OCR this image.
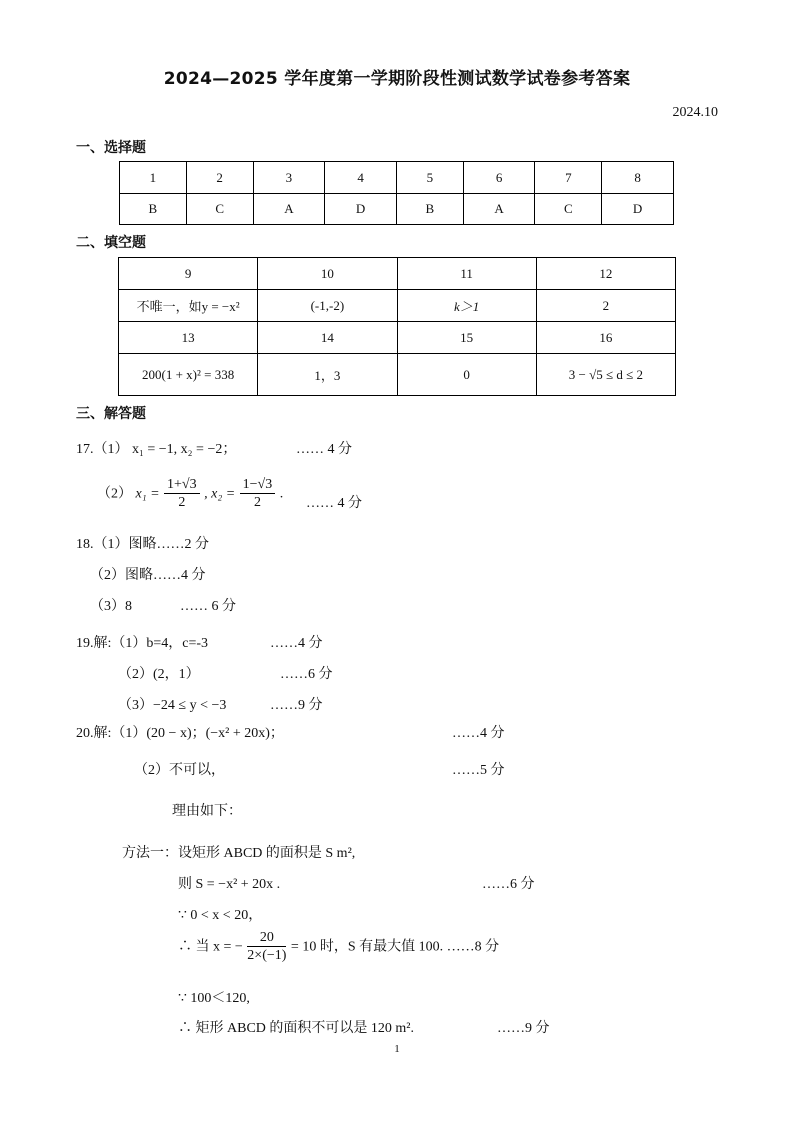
2024—2025 学年度第一学期阶段性测试数学试卷参考答案
2024.10
一、选择题
1	2	3	4	5	6	7	8
B	C	A	D	B	A	C	D
二、填空题
9	10	11	12
不唯一，如y = −x²	(-1,-2)	k＞1	2
13	14	15	16
200(1 + x)² = 338	1，3	0	3 − √5 ≤ d ≤ 2
三、解答题
17.（1） x₁ = −1, x₂ = −2；	…… 4 分
（2） $x_1 = \frac{1+√3}{2}$ , $x_2 = \frac{1-√3}{2}$ .
…… 4 分
18.（1）图略……2 分
（2）图略……4 分
（3）8	…… 6 分
19.解:（1）b=4，c=-3	……4 分
（2）(2，1）	……6 分
（3）−24 ≤ y < −3	……9 分
20.解:（1）(20 − x)；(−x² + 20x)；	……4 分
（2）不可以，	……5 分
理由如下：
方法一：设矩形 ABCD 的面积是 S m²,
则 S = −x² + 20x .	……6 分
∵ 0 < x < 20，
∴ 当 x = − $\frac{20}{2\times(-1)} = 10$ 时，S 有最大值 100. ……8 分
∵ 100＜120,
∴ 矩形 ABCD 的面积不可以是 120 m².	……9 分
1
